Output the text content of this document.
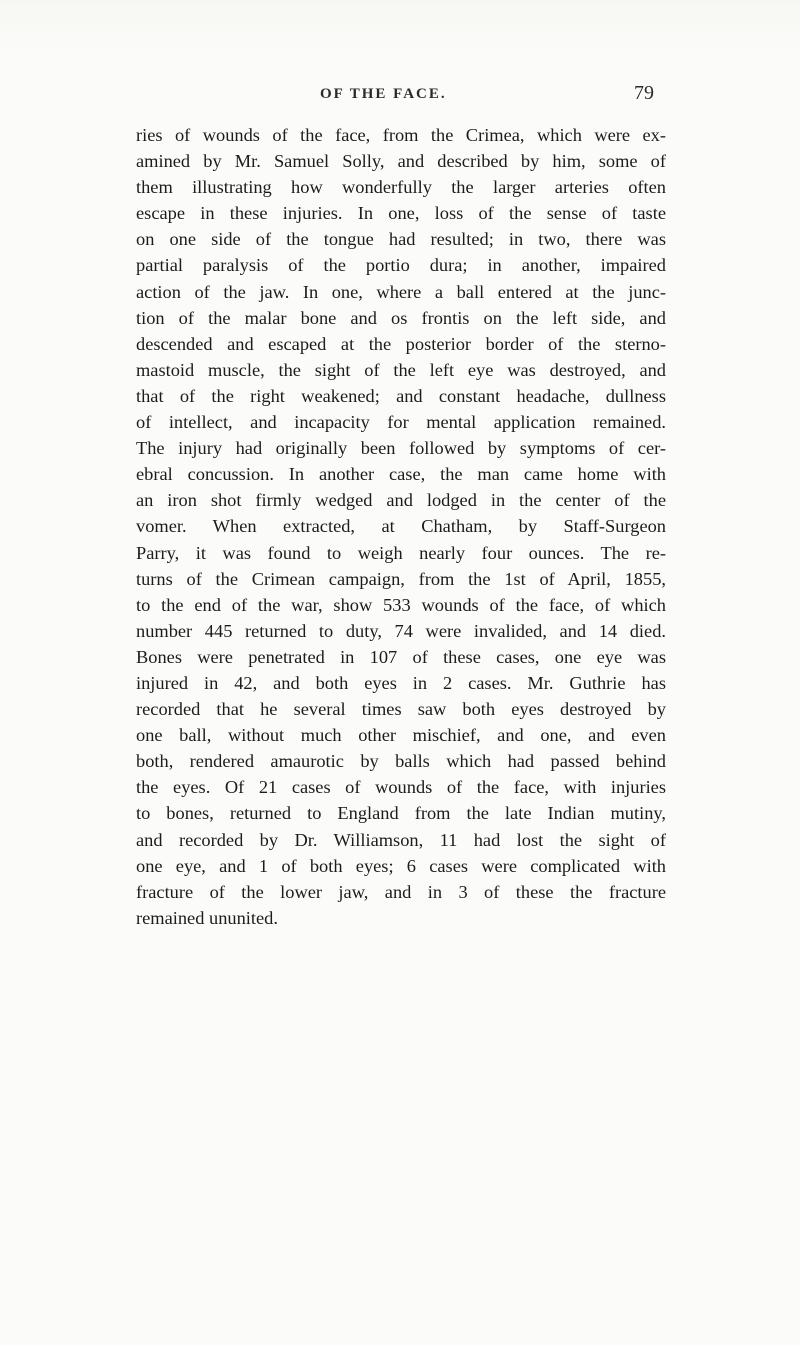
OF THE FACE.	79
ries of wounds of the face, from the Crimea, which were ex-
amined by Mr. Samuel Solly, and described by him, some of
them illustrating how wonderfully the larger arteries often
escape in these injuries. In one, loss of the sense of taste
on one side of the tongue had resulted; in two, there was
partial paralysis of the portio dura; in another, impaired
action of the jaw. In one, where a ball entered at the junc-
tion of the malar bone and os frontis on the left side, and
descended and escaped at the posterior border of the sterno-
mastoid muscle, the sight of the left eye was destroyed, and
that of the right weakened; and constant headache, dullness
of intellect, and incapacity for mental application remained.
The injury had originally been followed by symptoms of cer-
ebral concussion. In another case, the man came home with
an iron shot firmly wedged and lodged in the center of the
vomer. When extracted, at Chatham, by Staff-Surgeon
Parry, it was found to weigh nearly four ounces. The re-
turns of the Crimean campaign, from the 1st of April, 1855,
to the end of the war, show 533 wounds of the face, of which
number 445 returned to duty, 74 were invalided, and 14 died.
Bones were penetrated in 107 of these cases, one eye was
injured in 42, and both eyes in 2 cases. Mr. Guthrie has
recorded that he several times saw both eyes destroyed by
one ball, without much other mischief, and one, and even
both, rendered amaurotic by balls which had passed behind
the eyes. Of 21 cases of wounds of the face, with injuries
to bones, returned to England from the late Indian mutiny,
and recorded by Dr. Williamson, 11 had lost the sight of
one eye, and 1 of both eyes; 6 cases were complicated with
fracture of the lower jaw, and in 3 of these the fracture
remained ununited.
